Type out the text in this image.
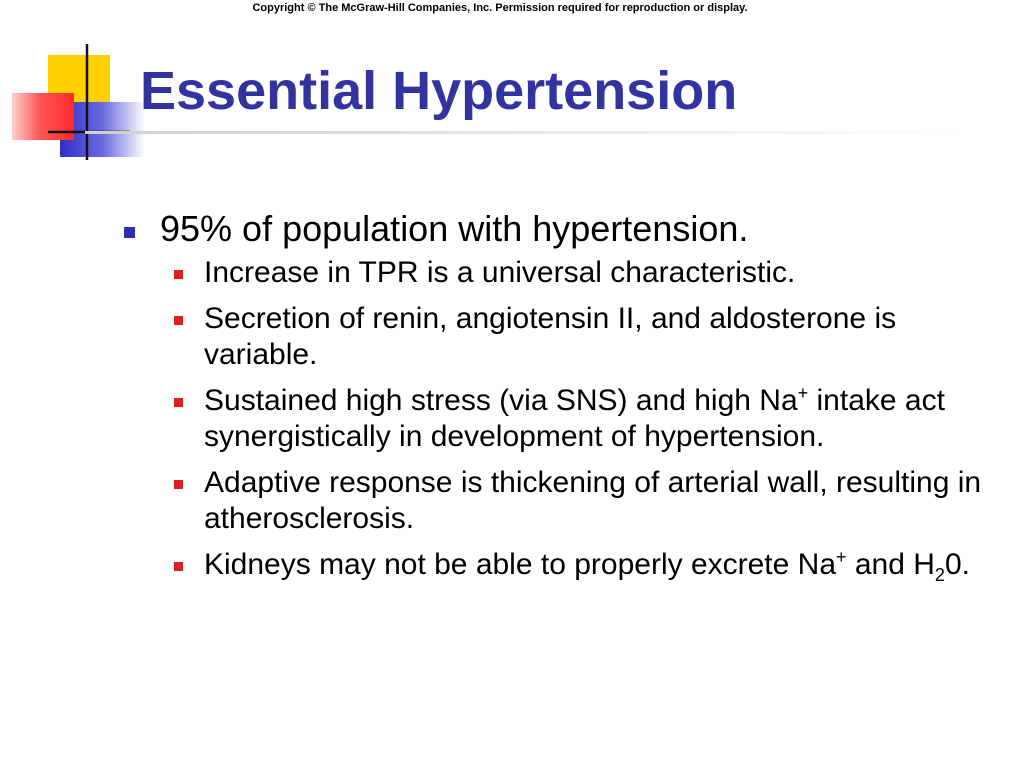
Copyright © The McGraw-Hill Companies, Inc. Permission required for reproduction or display.
Essential Hypertension
95% of population with hypertension.
Increase in TPR is a universal characteristic.
Secretion of renin, angiotensin II, and aldosterone is variable.
Sustained high stress (via SNS) and high Na+ intake act synergistically in development of hypertension.
Adaptive response is thickening of arterial wall, resulting in atherosclerosis.
Kidneys may not be able to properly excrete Na+ and $H_20$.
